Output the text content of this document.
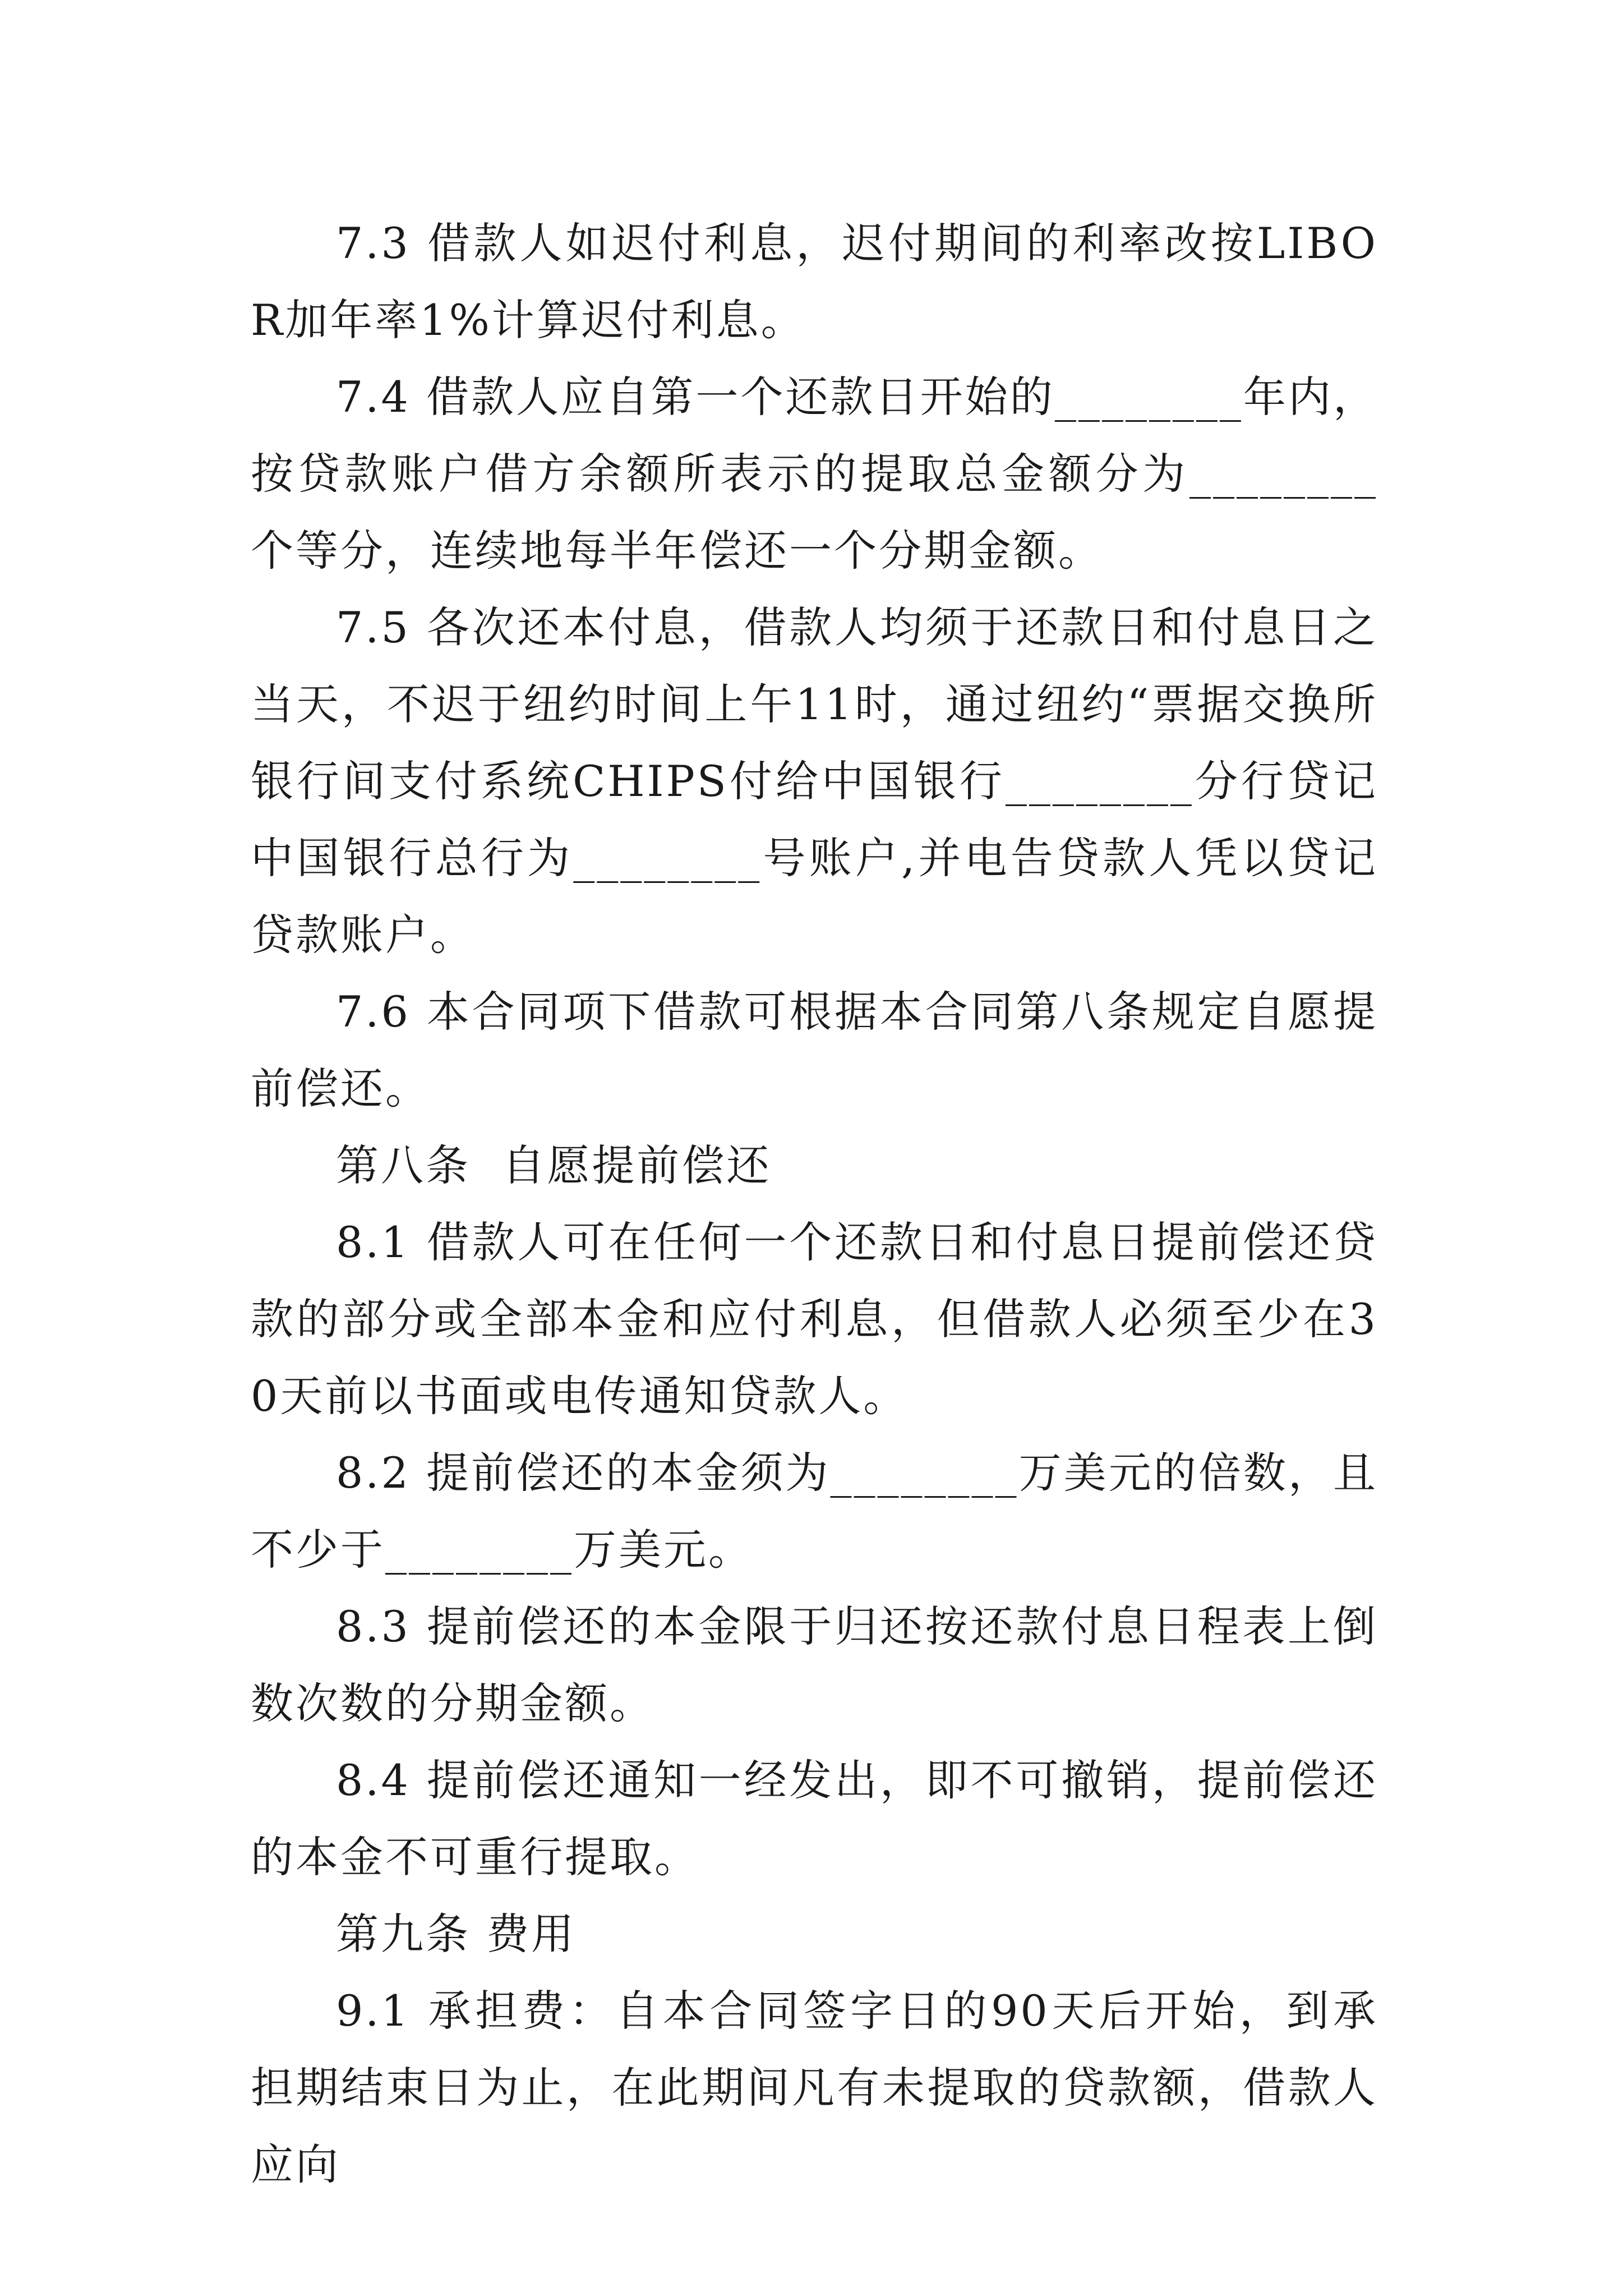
7.3 借款人如迟付利息，迟付期间的利率改按LIBOR加年率1%计算迟付利息。

7.4 借款人应自第一个还款日开始的________年内，按贷款账户借方余额所表示的提取总金额分为________个等分，连续地每半年偿还一个分期金额。

7.5 各次还本付息，借款人均须于还款日和付息日之当天，不迟于纽约时间上午11时，通过纽约“票据交换所银行间支付系统CHIPS付给中国银行________分行贷记中国银行总行为________号账户,并电告贷款人凭以贷记贷款账户。

7.6 本合同项下借款可根据本合同第八条规定自愿提前偿还。

第八条  自愿提前偿还

8.1 借款人可在任何一个还款日和付息日提前偿还贷款的部分或全部本金和应付利息，但借款人必须至少在30天前以书面或电传通知贷款人。

8.2 提前偿还的本金须为________万美元的倍数，且不少于________万美元。

8.3 提前偿还的本金限于归还按还款付息日程表上倒数次数的分期金额。

8.4 提前偿还通知一经发出，即不可撤销，提前偿还的本金不可重行提取。

第九条 费用

9.1 承担费：自本合同签字日的90天后开始，到承担期结束日为止，在此期间凡有未提取的贷款额，借款人应向
